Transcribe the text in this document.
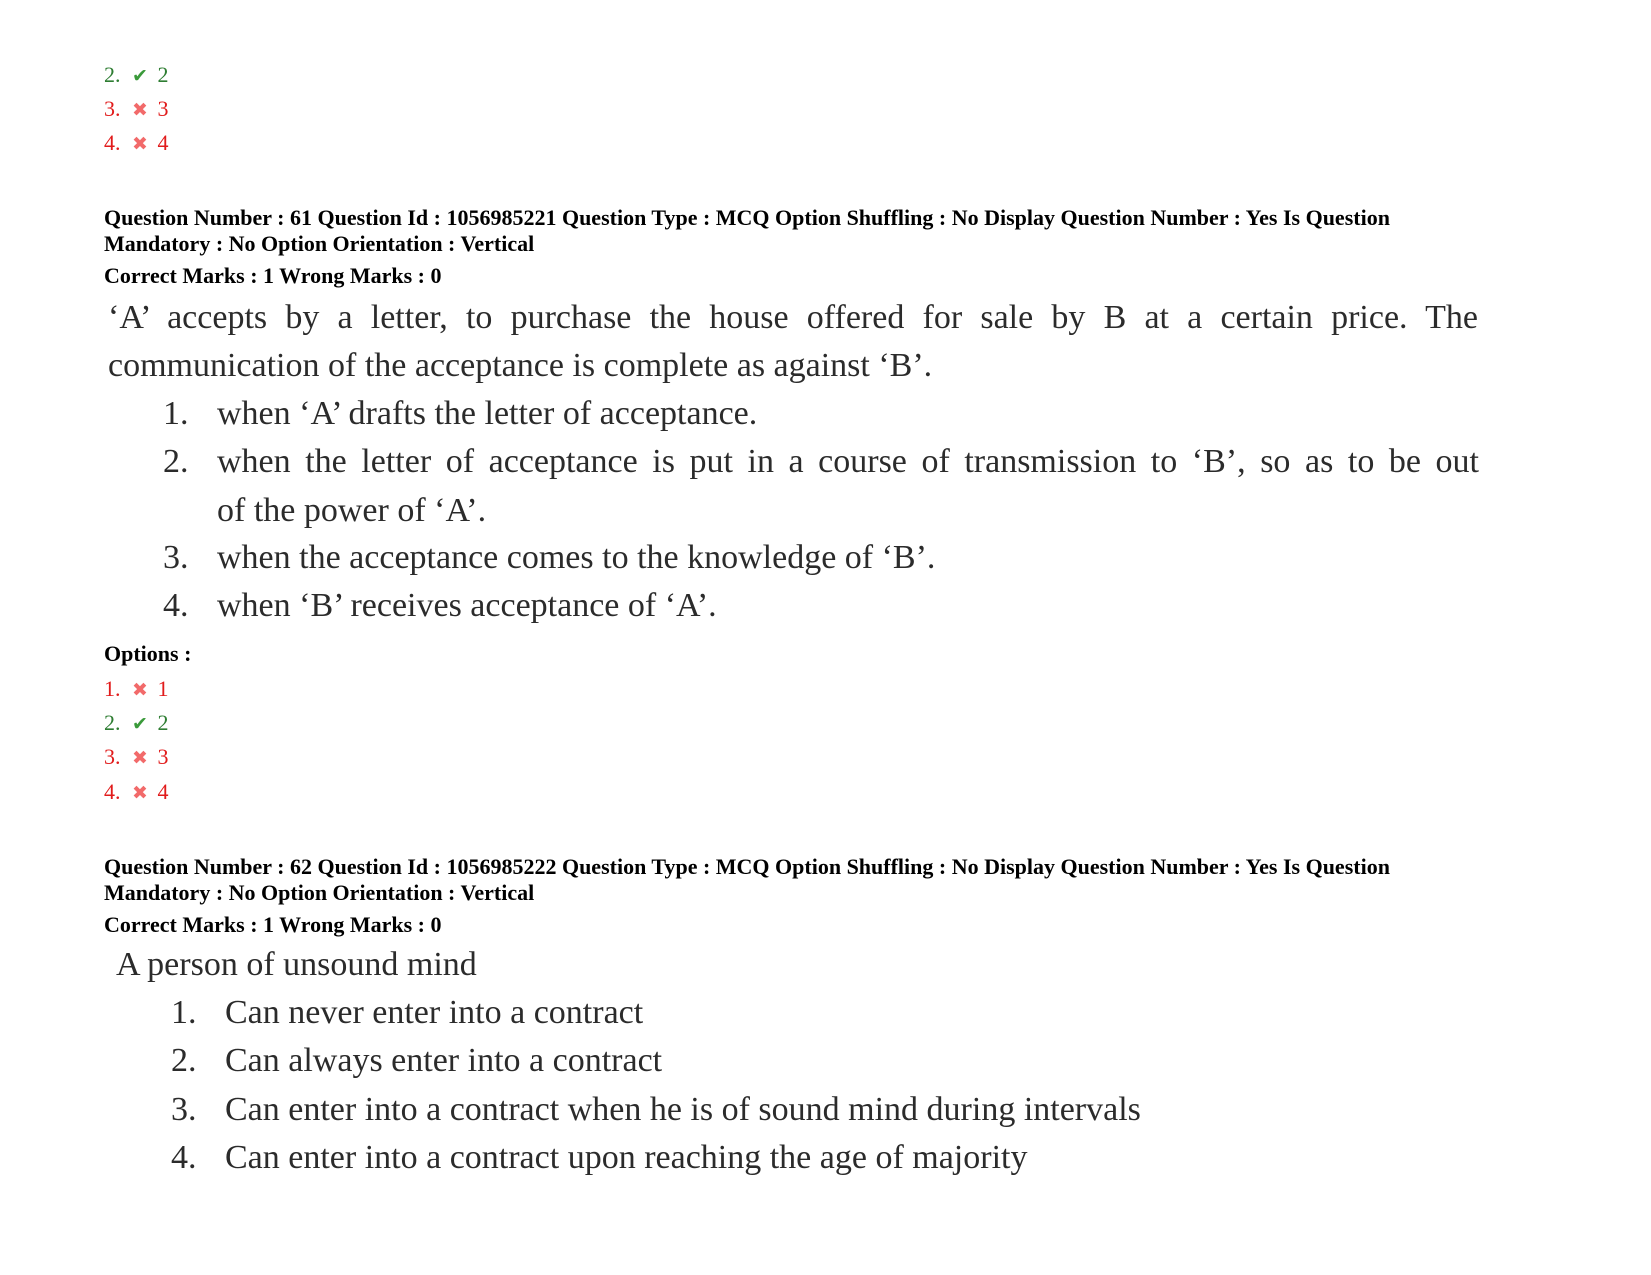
2. ✔ 2
3. ✖ 3
4. ✖ 4
Question Number : 61 Question Id : 1056985221 Question Type : MCQ Option Shuffling : No Display Question Number : Yes Is Question
Mandatory : No Option Orientation : Vertical
Correct Marks : 1 Wrong Marks : 0
‘A’ accepts by a letter, to purchase the house offered for sale by B at a certain price. The
communication of the acceptance is complete as against ‘B’.
1. when ‘A’ drafts the letter of acceptance.
2. when the letter of acceptance is put in a course of transmission to ‘B’, so as to be out
of the power of ‘A’.
3. when the acceptance comes to the knowledge of ‘B’.
4. when ‘B’ receives acceptance of ‘A’.
Options :
1. ✖ 1
2. ✔ 2
3. ✖ 3
4. ✖ 4
Question Number : 62 Question Id : 1056985222 Question Type : MCQ Option Shuffling : No Display Question Number : Yes Is Question
Mandatory : No Option Orientation : Vertical
Correct Marks : 1 Wrong Marks : 0
A person of unsound mind
1. Can never enter into a contract
2. Can always enter into a contract
3. Can enter into a contract when he is of sound mind during intervals
4. Can enter into a contract upon reaching the age of majority
